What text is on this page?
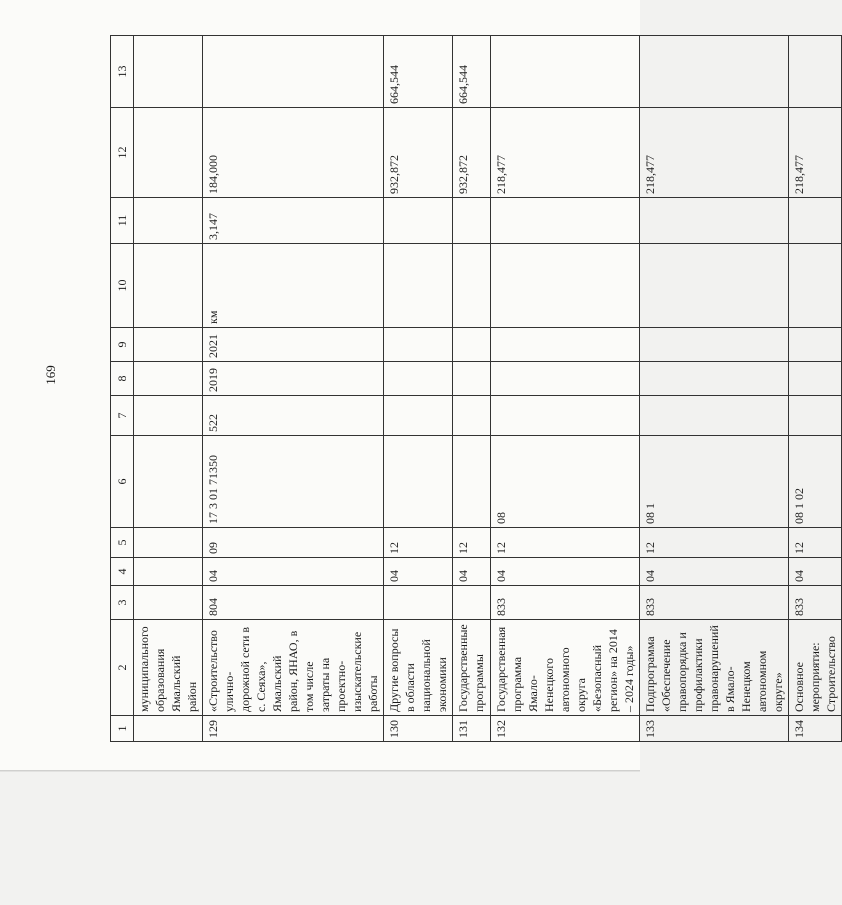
169
1	2	3	4	5	6	7	8	9	10	11	12	13
	муниципального образования Ямальский район											
129	«Строительство улично-дорожной сети в с. Сеяха», Ямальский район, ЯНАО, в том числе затраты на проектно-изыскательские работы	804	04	09	17 3 01 71350	522	2019	2021	км	3,147	184,000	
130	Другие вопросы в области национальной экономики		04	12							932,872	664,544
131	Государственные программы		04	12							932,872	664,544
132	Государственная программа Ямало-Ненецкого автономного округа «Безопасный регион» на 2014 – 2024 годы»	833	04	12	08						218,477	
133	Подпрограмма «Обеспечение правопорядка и профилактики правонарушений в Ямало-Ненецком автономном округе»	833	04	12	08 1						218,477	
134	Основное мероприятие: Строительство	833	04	12	08 1 02						218,477	
